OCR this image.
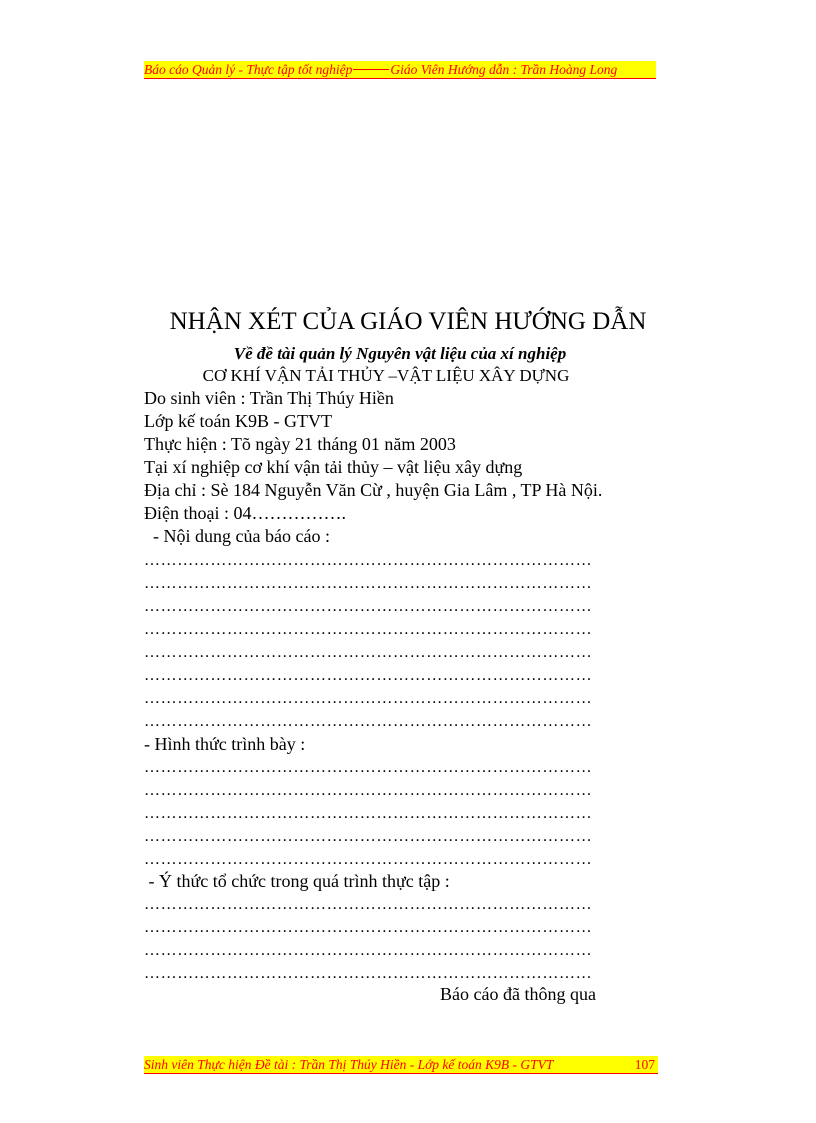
Báo cáo Quản lý - Thực tập tốt nghiệp	Giáo Viên Hướng dẫn : Trần Hoàng Long
NHẬN XÉT CỦA GIÁO VIÊN HƯỚNG DẪN
Về đề tài quản lý Nguyên vật liệu của xí nghiệp
CƠ KHÍ VẬN TẢI THỦY –VẬT LIỆU XÂY DỰNG
Do sinh viên : Trần Thị Thúy Hiền
Lớp kế toán K9B - GTVT
Thực hiện : Tõ ngày 21 tháng 01 năm 2003
Tại xí nghiệp cơ khí vận tải thủy – vật liệu xây dựng
Địa chỉ : Sè 184 Nguyễn Văn Cừ , huyện Gia Lâm , TP Hà Nội.
Điện thoại : 04…………….
- Nội dung của báo cáo :
………………………………………………………………………
………………………………………………………………………
………………………………………………………………………
………………………………………………………………………
………………………………………………………………………
………………………………………………………………………
………………………………………………………………………
………………………………………………………………………
- Hình thức trình bày :
………………………………………………………………………
………………………………………………………………………
………………………………………………………………………
………………………………………………………………………
………………………………………………………………………
- Ý thức tổ chức trong quá trình thực tập :
………………………………………………………………………
………………………………………………………………………
………………………………………………………………………
………………………………………………………………………
Báo cáo đã thông qua
Sinh viên Thực hiện Đề tài : Trần Thị Thúy Hiền - Lớp kế toán K9B - GTVT	107
